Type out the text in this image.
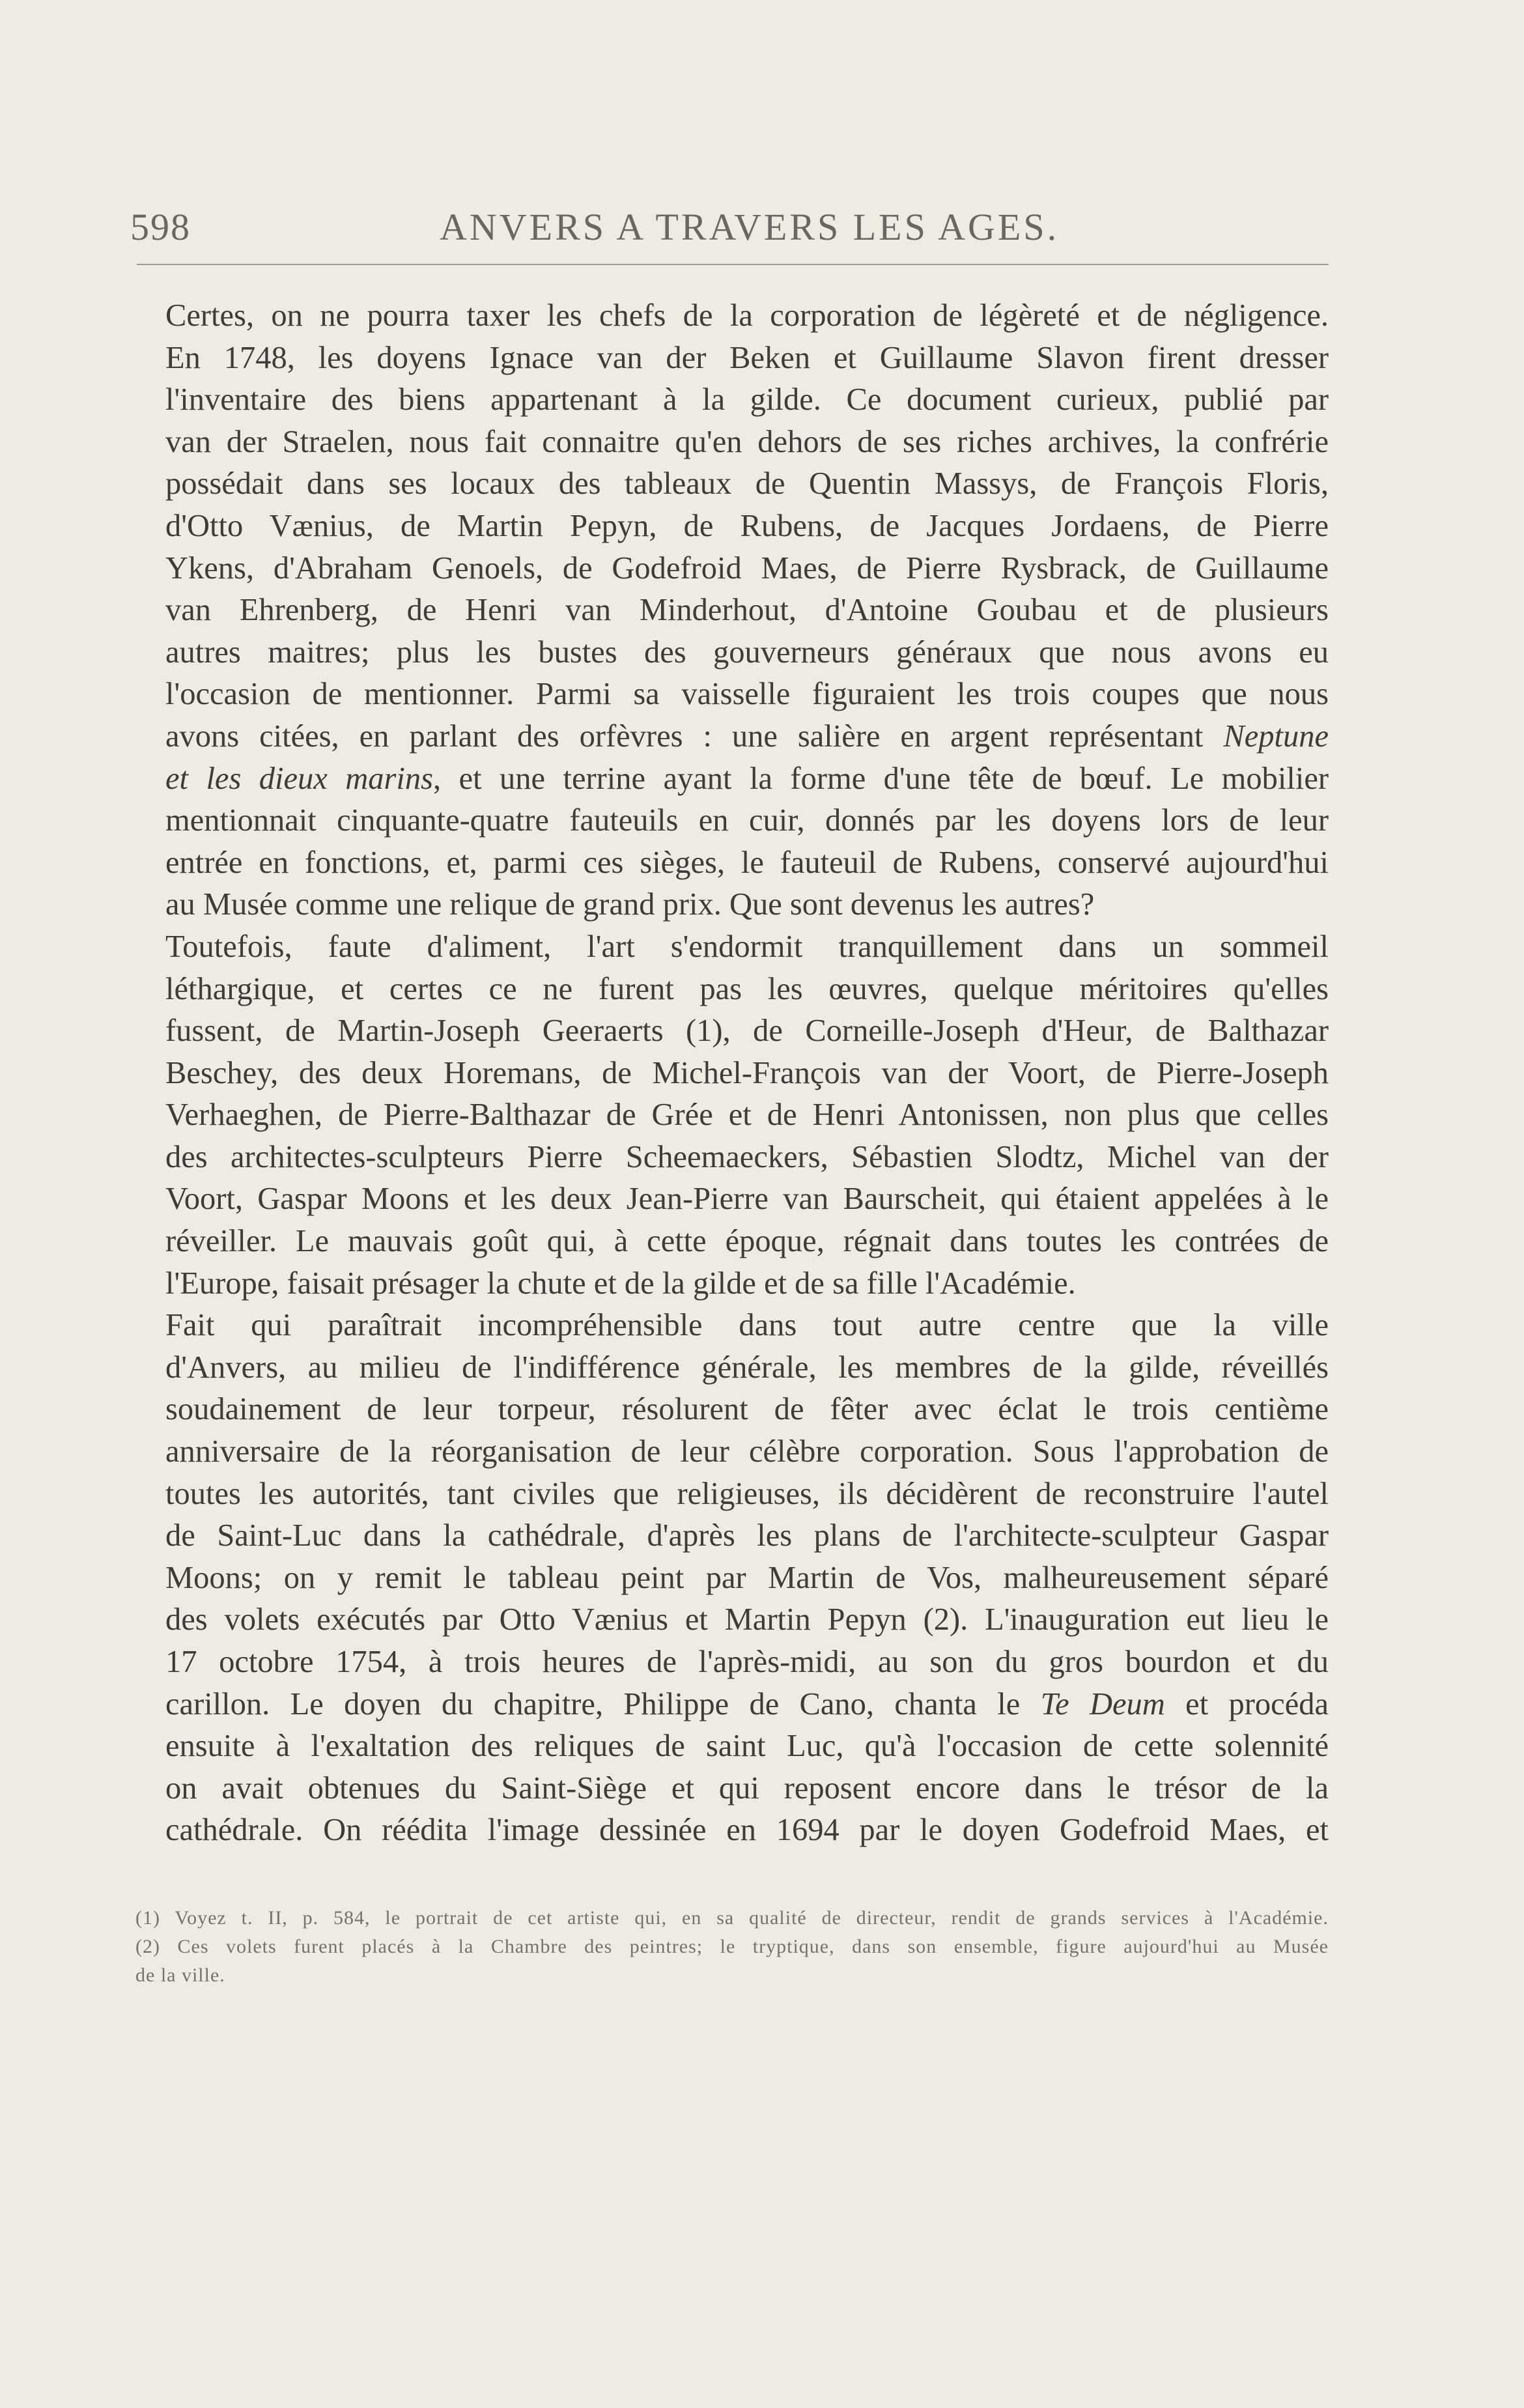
598	ANVERS A TRAVERS LES AGES.
Certes, on ne pourra taxer les chefs de la corporation de légèreté et de négligence.
En 1748, les doyens Ignace van der Beken et Guillaume Slavon firent dresser
l'inventaire des biens appartenant à la gilde. Ce document curieux, publié par
van der Straelen, nous fait connaitre qu'en dehors de ses riches archives, la confrérie
possédait dans ses locaux des tableaux de Quentin Massys, de François Floris,
d'Otto Vænius, de Martin Pepyn, de Rubens, de Jacques Jordaens, de Pierre
Ykens, d'Abraham Genoels, de Godefroid Maes, de Pierre Rysbrack, de Guillaume
van Ehrenberg, de Henri van Minderhout, d'Antoine Goubau et de plusieurs
autres maitres; plus les bustes des gouverneurs généraux que nous avons eu
l'occasion de mentionner. Parmi sa vaisselle figuraient les trois coupes que nous
avons citées, en parlant des orfèvres : une salière en argent représentant Neptune
et les dieux marins, et une terrine ayant la forme d'une tête de bœuf. Le mobilier
mentionnait cinquante-quatre fauteuils en cuir, donnés par les doyens lors de leur
entrée en fonctions, et, parmi ces sièges, le fauteuil de Rubens, conservé aujourd'hui
au Musée comme une relique de grand prix. Que sont devenus les autres?
Toutefois, faute d'aliment, l'art s'endormit tranquillement dans un sommeil
léthargique, et certes ce ne furent pas les œuvres, quelque méritoires qu'elles
fussent, de Martin-Joseph Geeraerts (1), de Corneille-Joseph d'Heur, de Balthazar
Beschey, des deux Horemans, de Michel-François van der Voort, de Pierre-Joseph
Verhaeghen, de Pierre-Balthazar de Grée et de Henri Antonissen, non plus que celles
des architectes-sculpteurs Pierre Scheemaeckers, Sébastien Slodtz, Michel van der
Voort, Gaspar Moons et les deux Jean-Pierre van Baurscheit, qui étaient appelées à le
réveiller. Le mauvais goût qui, à cette époque, régnait dans toutes les contrées de
l'Europe, faisait présager la chute et de la gilde et de sa fille l'Académie.
Fait qui paraîtrait incompréhensible dans tout autre centre que la ville
d'Anvers, au milieu de l'indifférence générale, les membres de la gilde, réveillés
soudainement de leur torpeur, résolurent de fêter avec éclat le trois centième
anniversaire de la réorganisation de leur célèbre corporation. Sous l'approbation de
toutes les autorités, tant civiles que religieuses, ils décidèrent de reconstruire l'autel
de Saint-Luc dans la cathédrale, d'après les plans de l'architecte-sculpteur Gaspar
Moons; on y remit le tableau peint par Martin de Vos, malheureusement séparé
des volets exécutés par Otto Vænius et Martin Pepyn (2). L'inauguration eut lieu le
17 octobre 1754, à trois heures de l'après-midi, au son du gros bourdon et du
carillon. Le doyen du chapitre, Philippe de Cano, chanta le Te Deum et procéda
ensuite à l'exaltation des reliques de saint Luc, qu'à l'occasion de cette solennité
on avait obtenues du Saint-Siège et qui reposent encore dans le trésor de la
cathédrale. On réédita l'image dessinée en 1694 par le doyen Godefroid Maes, et
(1) Voyez t. II, p. 584, le portrait de cet artiste qui, en sa qualité de directeur, rendit de grands services à l'Académie.
(2) Ces volets furent placés à la Chambre des peintres; le tryptique, dans son ensemble, figure aujourd'hui au Musée
de la ville.
